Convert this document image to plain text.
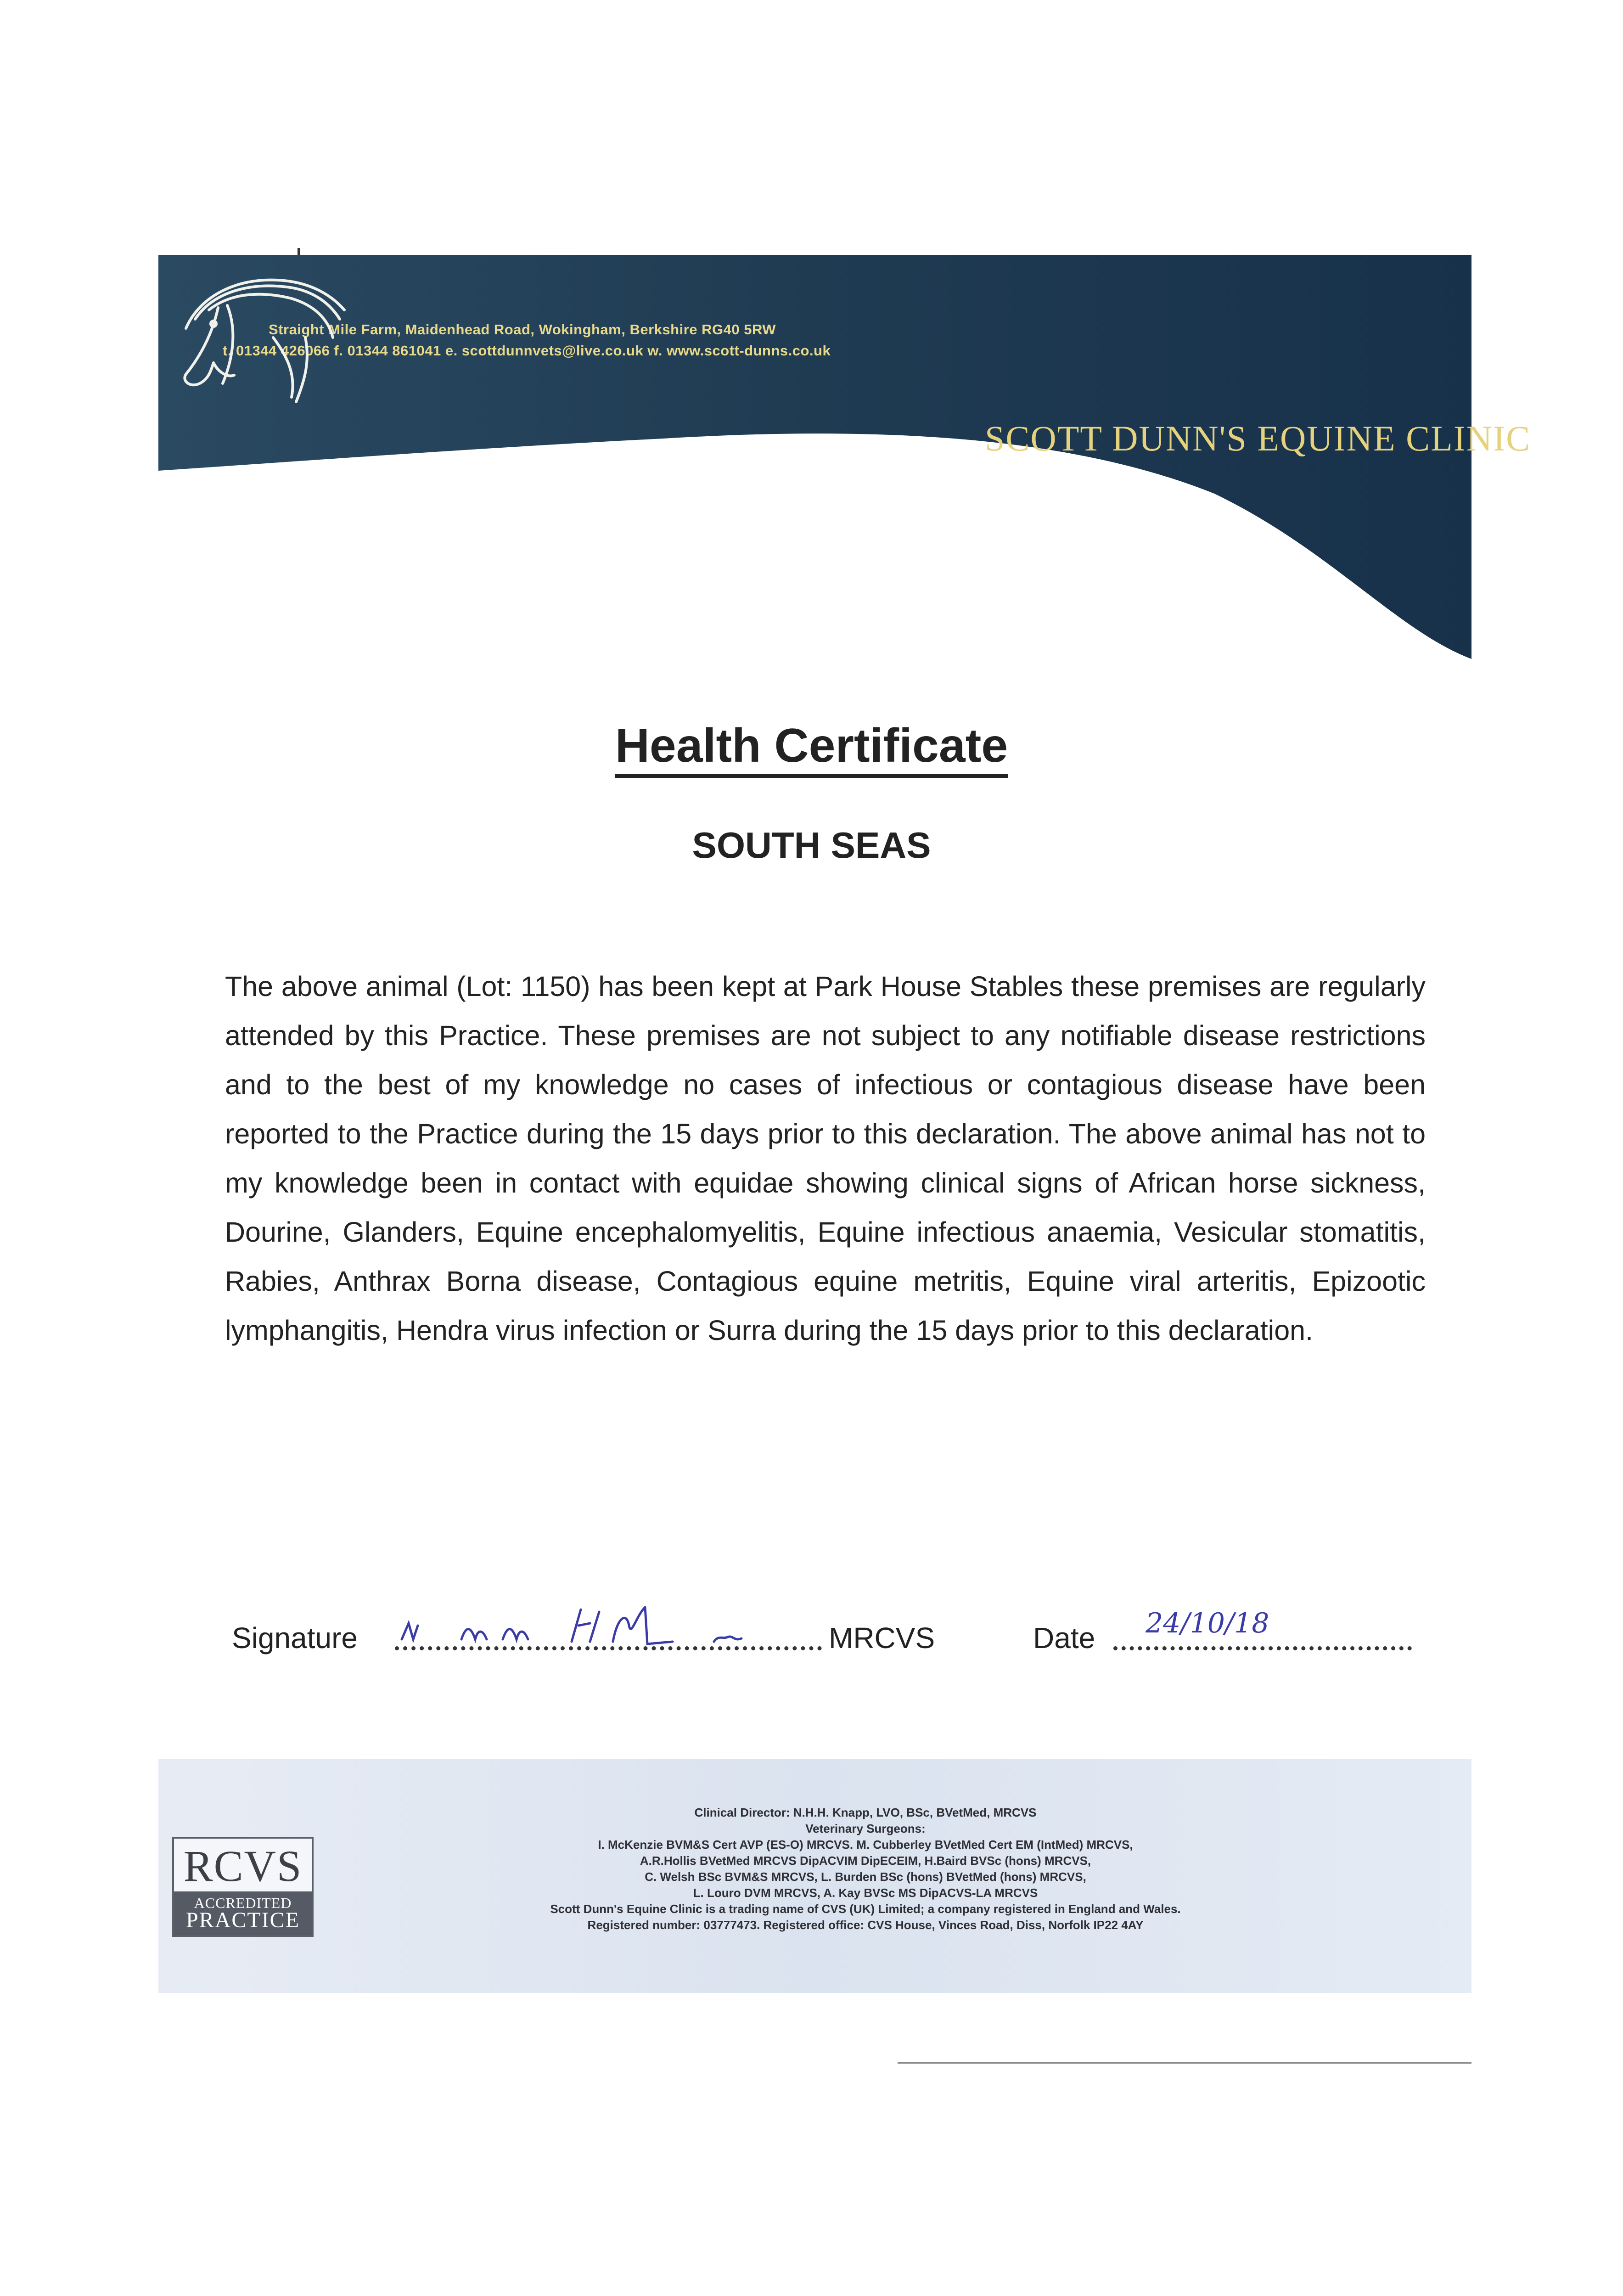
Straight Mile Farm, Maidenhead Road, Wokingham, Berkshire RG40 5RW
t. 01344 426066 f. 01344 861041 e. scottdunnvets@live.co.uk w. www.scott-dunns.co.uk
SCOTT DUNN'S EQUINE CLINIC
Health Certificate
SOUTH SEAS
The above animal (Lot: 1150) has been kept at Park House Stables these premises are regularly attended by this Practice. These premises are not subject to any notifiable disease restrictions and to the best of my knowledge no cases of infectious or contagious disease have been reported to the Practice during the 15 days prior to this declaration. The above animal has not to my knowledge been in contact with equidae showing clinical signs of African horse sickness, Dourine, Glanders, Equine encephalomyelitis, Equine infectious anaemia, Vesicular stomatitis, Rabies, Anthrax Borna disease, Contagious equine metritis, Equine viral arteritis, Epizootic lymphangitis, Hendra virus infection or Surra during the 15 days prior to this declaration.
Signature	MRCVS	Date 24/10/18
RCVS
ACCREDITED
PRACTICE
Clinical Director: N.H.H. Knapp, LVO, BSc, BVetMed, MRCVS
Veterinary Surgeons:
I. McKenzie BVM&S Cert AVP (ES-O) MRCVS. M. Cubberley BVetMed Cert EM (IntMed) MRCVS,
A.R.Hollis BVetMed MRCVS DipACVIM DipECEIM, H.Baird BVSc (hons) MRCVS,
C. Welsh BSc BVM&S MRCVS, L. Burden BSc (hons) BVetMed (hons) MRCVS,
L. Louro DVM MRCVS, A. Kay BVSc MS DipACVS-LA MRCVS
Scott Dunn's Equine Clinic is a trading name of CVS (UK) Limited; a company registered in England and Wales.
Registered number: 03777473. Registered office: CVS House, Vinces Road, Diss, Norfolk IP22 4AY
